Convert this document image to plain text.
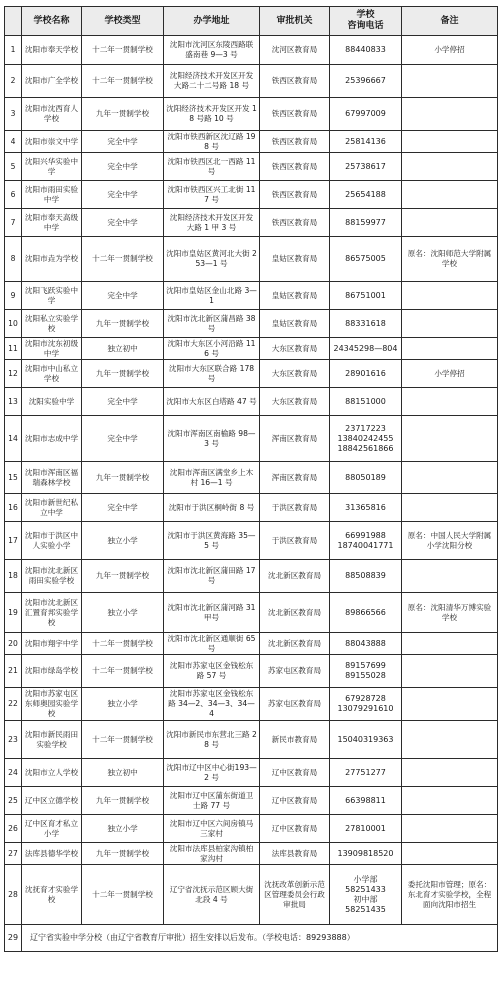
	学校名称	学校类型	办学地址	审批机关	学校
咨询电话	备注
1	沈阳市奉天学校	十二年一贯制学校	沈阳市沈河区东陵西路联盛南巷 9—3 号	沈河区教育局	88440833	小学停招
2	沈阳市广全学校	十二年一贯制学校	沈阳经济技术开发区开发大路二十二号路 18 号	铁西区教育局	25396667	
3	沈阳市沈西育人学校	九年一贯制学校	沈阳经济技术开发区开发 18 号路 10 号	铁西区教育局	67997009	
4	沈阳市崇文中学	完全中学	沈阳市铁西新区沈辽路 198 号	铁西区教育局	25814136	
5	沈阳兴华实验中学	完全中学	沈阳市铁西区北一西路 11 号	铁西区教育局	25738617	
6	沈阳市雨田实验中学	完全中学	沈阳市铁西区兴工北街 117 号	铁西区教育局	25654188	
7	沈阳市奉天高级中学	完全中学	沈阳经济技术开发区开发大路 1 甲 3 号	铁西区教育局	88159977	
8	沈阳市垚为学校	十二年一贯制学校	沈阳市皇姑区黄河北大街 253—1 号	皇姑区教育局	86575005	原名：沈阳师范大学附属学校
9	沈阳飞跃实验中学	完全中学	沈阳市皇姑区金山北路 3—1	皇姑区教育局	86751001	
10	沈阳私立实验学校	九年一贯制学校	沈阳市沈北新区蒲昌路 38 号	皇姑区教育局	88331618	
11	沈阳市沈东初级中学	独立初中	沈阳市大东区小河沿路 116 号	大东区教育局	24345298—804	
12	沈阳市中山私立学校	九年一贯制学校	沈阳市大东区联合路 178 号	大东区教育局	28901616	小学停招
13	沈阳实验中学	完全中学	沈阳市大东区白塔路 47 号	大东区教育局	88151000	
14	沈阳市志成中学	完全中学	沈阳市浑南区南榆路 98—3 号	浑南区教育局	23717223
13840242455
18842561866	

15	沈阳市浑南区福瑞森林学校	九年一贯制学校	沈阳市浑南区满堂乡上木村 16—1 号	浑南区教育局	88050189	
16	沈阳市新世纪私立中学	完全中学	沈阳市于洪区桐岭街 8 号	于洪区教育局	31365816	
17	沈阳市于洪区中人实验小学	独立小学	沈阳市于洪区黄海路 35—5 号	于洪区教育局	66991988
18740041771	原名：中国人民大学附属小学沈阳分校
18	沈阳市沈北新区雨田实验学校	九年一贯制学校	沈阳市沈北新区蒲田路 17 号	沈北新区教育局	88508839	
19	沈阳市沈北新区汇置育邦实验学校	独立小学	沈阳市沈北新区蒲河路 31 甲号	沈北新区教育局	89866566	原名：沈阳清华万博实验学校
20	沈阳市翔宇中学	十二年一贯制学校	沈阳市沈北新区通顺街 65 号	沈北新区教育局	88043888	
21	沈阳市绿岛学校	十二年一贯制学校	沈阳市苏家屯区金钱松东路 57 号	苏家屯区教育局	89157699
89155028	

22	沈阳市苏家屯区东师奥园实验学校	独立小学	沈阳市苏家屯区金钱松东路 34—2、34—3、34—4	苏家屯区教育局	67928728
13079291610	

23	沈阳市新民雨田实验学校	十二年一贯制学校	沈阳市新民市东营北三路 28 号	新民市教育局	15040319363	
24	沈阳市立人学校	独立初中	沈阳市辽中区中心街193—2 号	辽中区教育局	27751277	
25	辽中区立德学校	九年一贯制学校	沈阳市辽中区蒲东街道卫士路 77 号	辽中区教育局	66398811	
26	辽中区育才私立小学	独立小学	沈阳市辽中区六间房镇马三家村	辽中区教育局	27810001	
27	法库县德华学校	九年一贯制学校	沈阳市法库县柏家沟镇柏家沟村	法库县教育局	13909818520	
28	沈抚育才实验学校	十二年一贯制学校	辽宁省沈抚示范区顾大街北段 4 号	沈抚改革创新示范区管理委员会行政审批局	小学部
58251433
初中部
58251435	委托沈阳市管理；原名：东北育才实验学校，全程面向沈阳市招生
29	辽宁省实验中学分校（由辽宁省教育厅审批）招生安排以后发布。（学校电话：89293888）					
